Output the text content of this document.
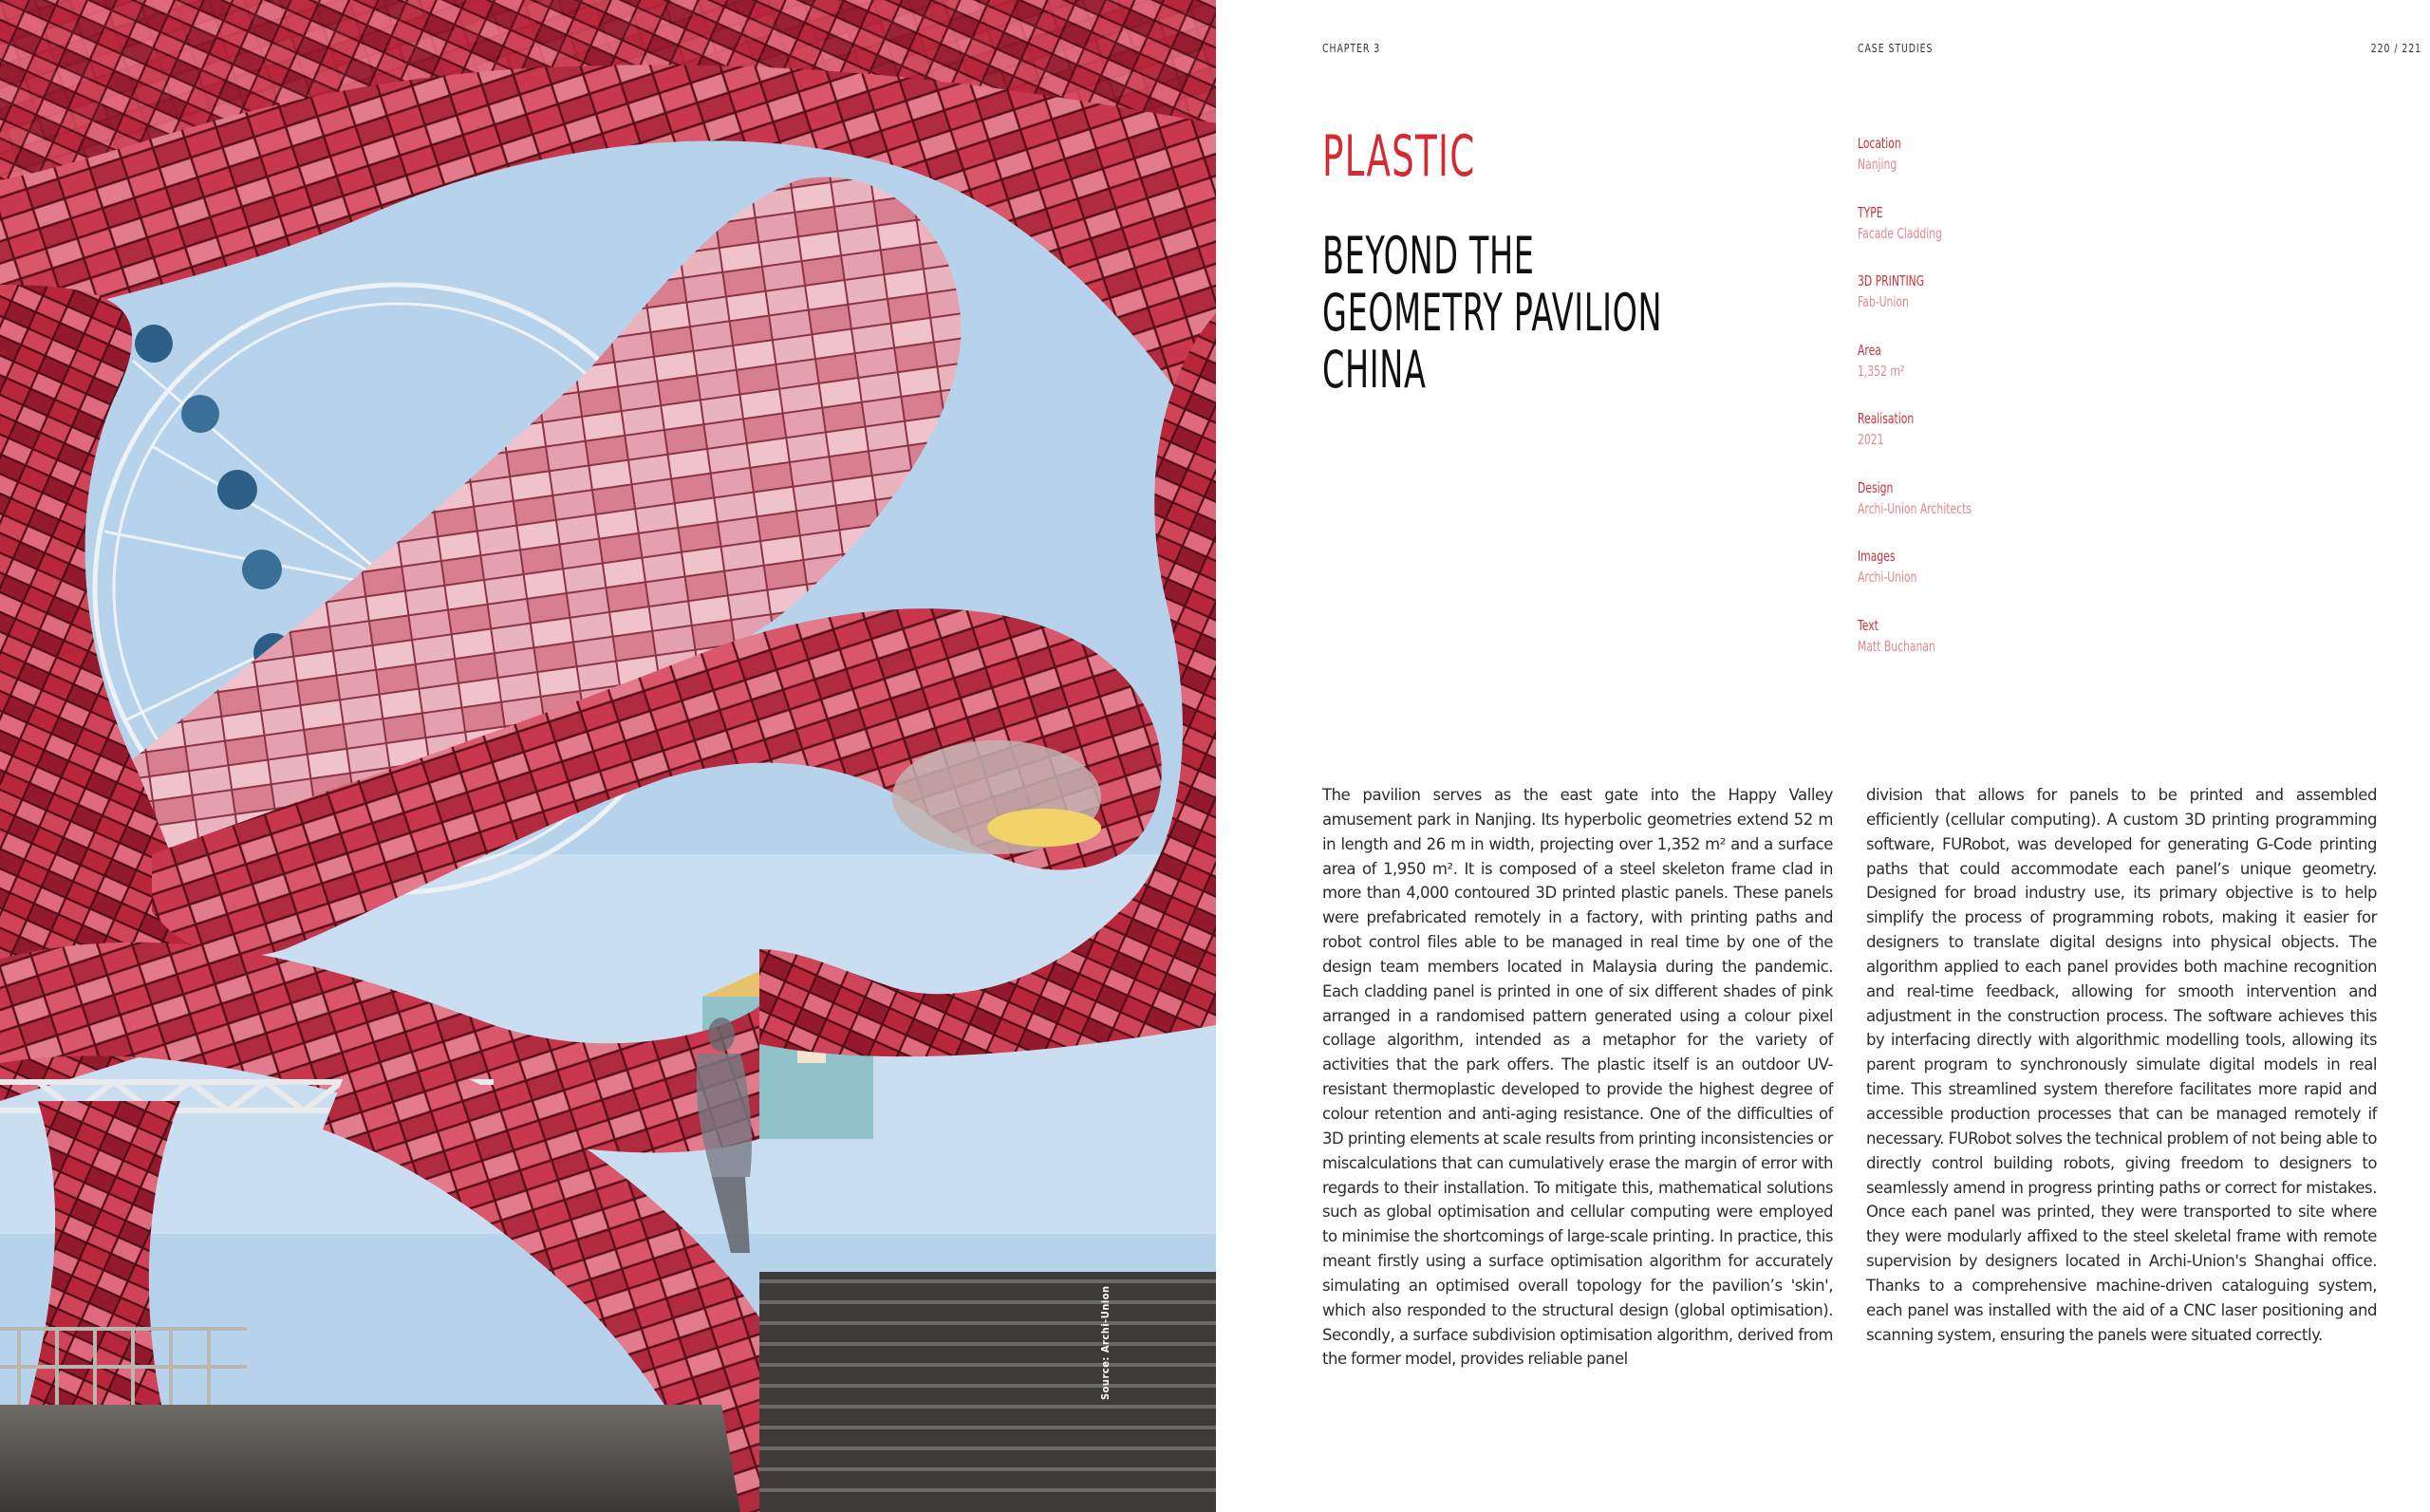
Source: Archi-Union
CHAPTER 3	CASE STUDIES	220 / 221
PLASTIC
BEYOND THE
GEOMETRY PAVILION
CHINA
Location
Nanjing
TYPE
Facade Cladding
3D PRINTING
Fab-Union
Area
1,352 m²
Realisation
2021
Design
Archi-Union Architects
Images
Archi-Union
Text
Matt Buchanan

The pavilion serves as the east gate into the Happy Valley amusement park in Nanjing. Its hyperbolic geometries extend 52 m in length and 26 m in width, projecting over 1,352 m² and a surface area of 1,950 m². It is composed of a steel skeleton frame clad in more than 4,000 contoured 3D printed plastic panels. These panels were prefabricated remotely in a factory, with printing paths and robot control files able to be managed in real time by one of the design team members located in Malaysia during the pandemic. Each cladding panel is printed in one of six different shades of pink arranged in a randomised pattern generated using a colour pixel collage algorithm, intended as a metaphor for the variety of activities that the park offers. The plastic itself is an outdoor UV-resistant thermoplastic developed to provide the highest degree of colour retention and anti-aging resistance. One of the difficulties of 3D printing elements at scale results from printing inconsistencies or miscalculations that can cumulatively erase the margin of error with regards to their installation. To mitigate this, mathematical solutions such as global optimisation and cellular computing were employed to minimise the shortcomings of large-scale printing. In practice, this meant firstly using a surface optimisation algorithm for accurately simulating an optimised overall topology for the pavilion’s 'skin', which also responded to the structural design (global optimisation). Secondly, a surface subdivision optimisation algorithm, derived from the former model, provides reliable panel

division that allows for panels to be printed and assembled efficiently (cellular computing). A custom 3D printing programming software, FURobot, was developed for generating G-Code printing paths that could accommodate each panel’s unique geometry. Designed for broad industry use, its primary objective is to help simplify the process of programming robots, making it easier for designers to translate digital designs into physical objects. The algorithm applied to each panel provides both machine recognition and real-time feedback, allowing for smooth intervention and adjustment in the construction process. The software achieves this by interfacing directly with algorithmic modelling tools, allowing its parent program to synchronously simulate digital models in real time. This streamlined system therefore facilitates more rapid and accessible production processes that can be managed remotely if necessary. FURobot solves the technical problem of not being able to directly control building robots, giving freedom to designers to seamlessly amend in progress printing paths or correct for mistakes. Once each panel was printed, they were transported to site where they were modularly affixed to the steel skeletal frame with remote supervision by designers located in Archi-Union's Shanghai office. Thanks to a comprehensive machine-driven cataloguing system, each panel was installed with the aid of a CNC laser positioning and scanning system, ensuring the panels were situated correctly.
